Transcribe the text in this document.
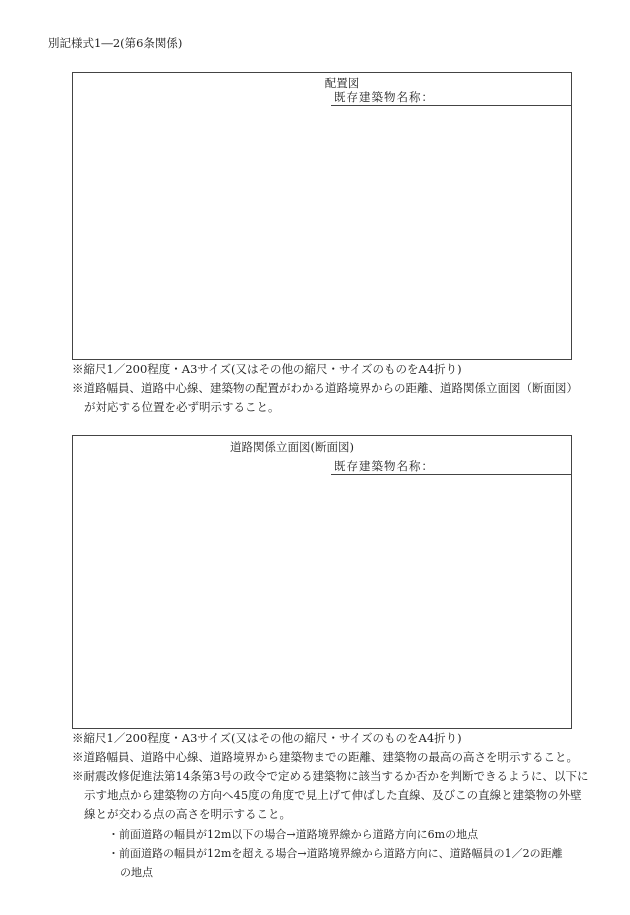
別記様式1―2(第6条関係)
配置図
既存建築物名称：
※縮尺1／200程度・A3サイズ(又はその他の縮尺・サイズのものをA4折り)
※道路幅員、道路中心線、建築物の配置がわかる道路境界からの距離、道路関係立面図（断面図）
が対応する位置を必ず明示すること。
道路関係立面図(断面図)
既存建築物名称：
※縮尺1／200程度・A3サイズ(又はその他の縮尺・サイズのものをA4折り)
※道路幅員、道路中心線、道路境界から建築物までの距離、建築物の最高の高さを明示すること。
※耐震改修促進法第14条第3号の政令で定める建築物に該当するか否かを判断できるように、以下に
示す地点から建築物の方向へ45度の角度で見上げて伸ばした直線、及びこの直線と建築物の外壁
線とが交わる点の高さを明示すること。
・前面道路の幅員が12m以下の場合→道路境界線から道路方向に6mの地点
・前面道路の幅員が12mを超える場合→道路境界線から道路方向に、道路幅員の1／2の距離
の地点
